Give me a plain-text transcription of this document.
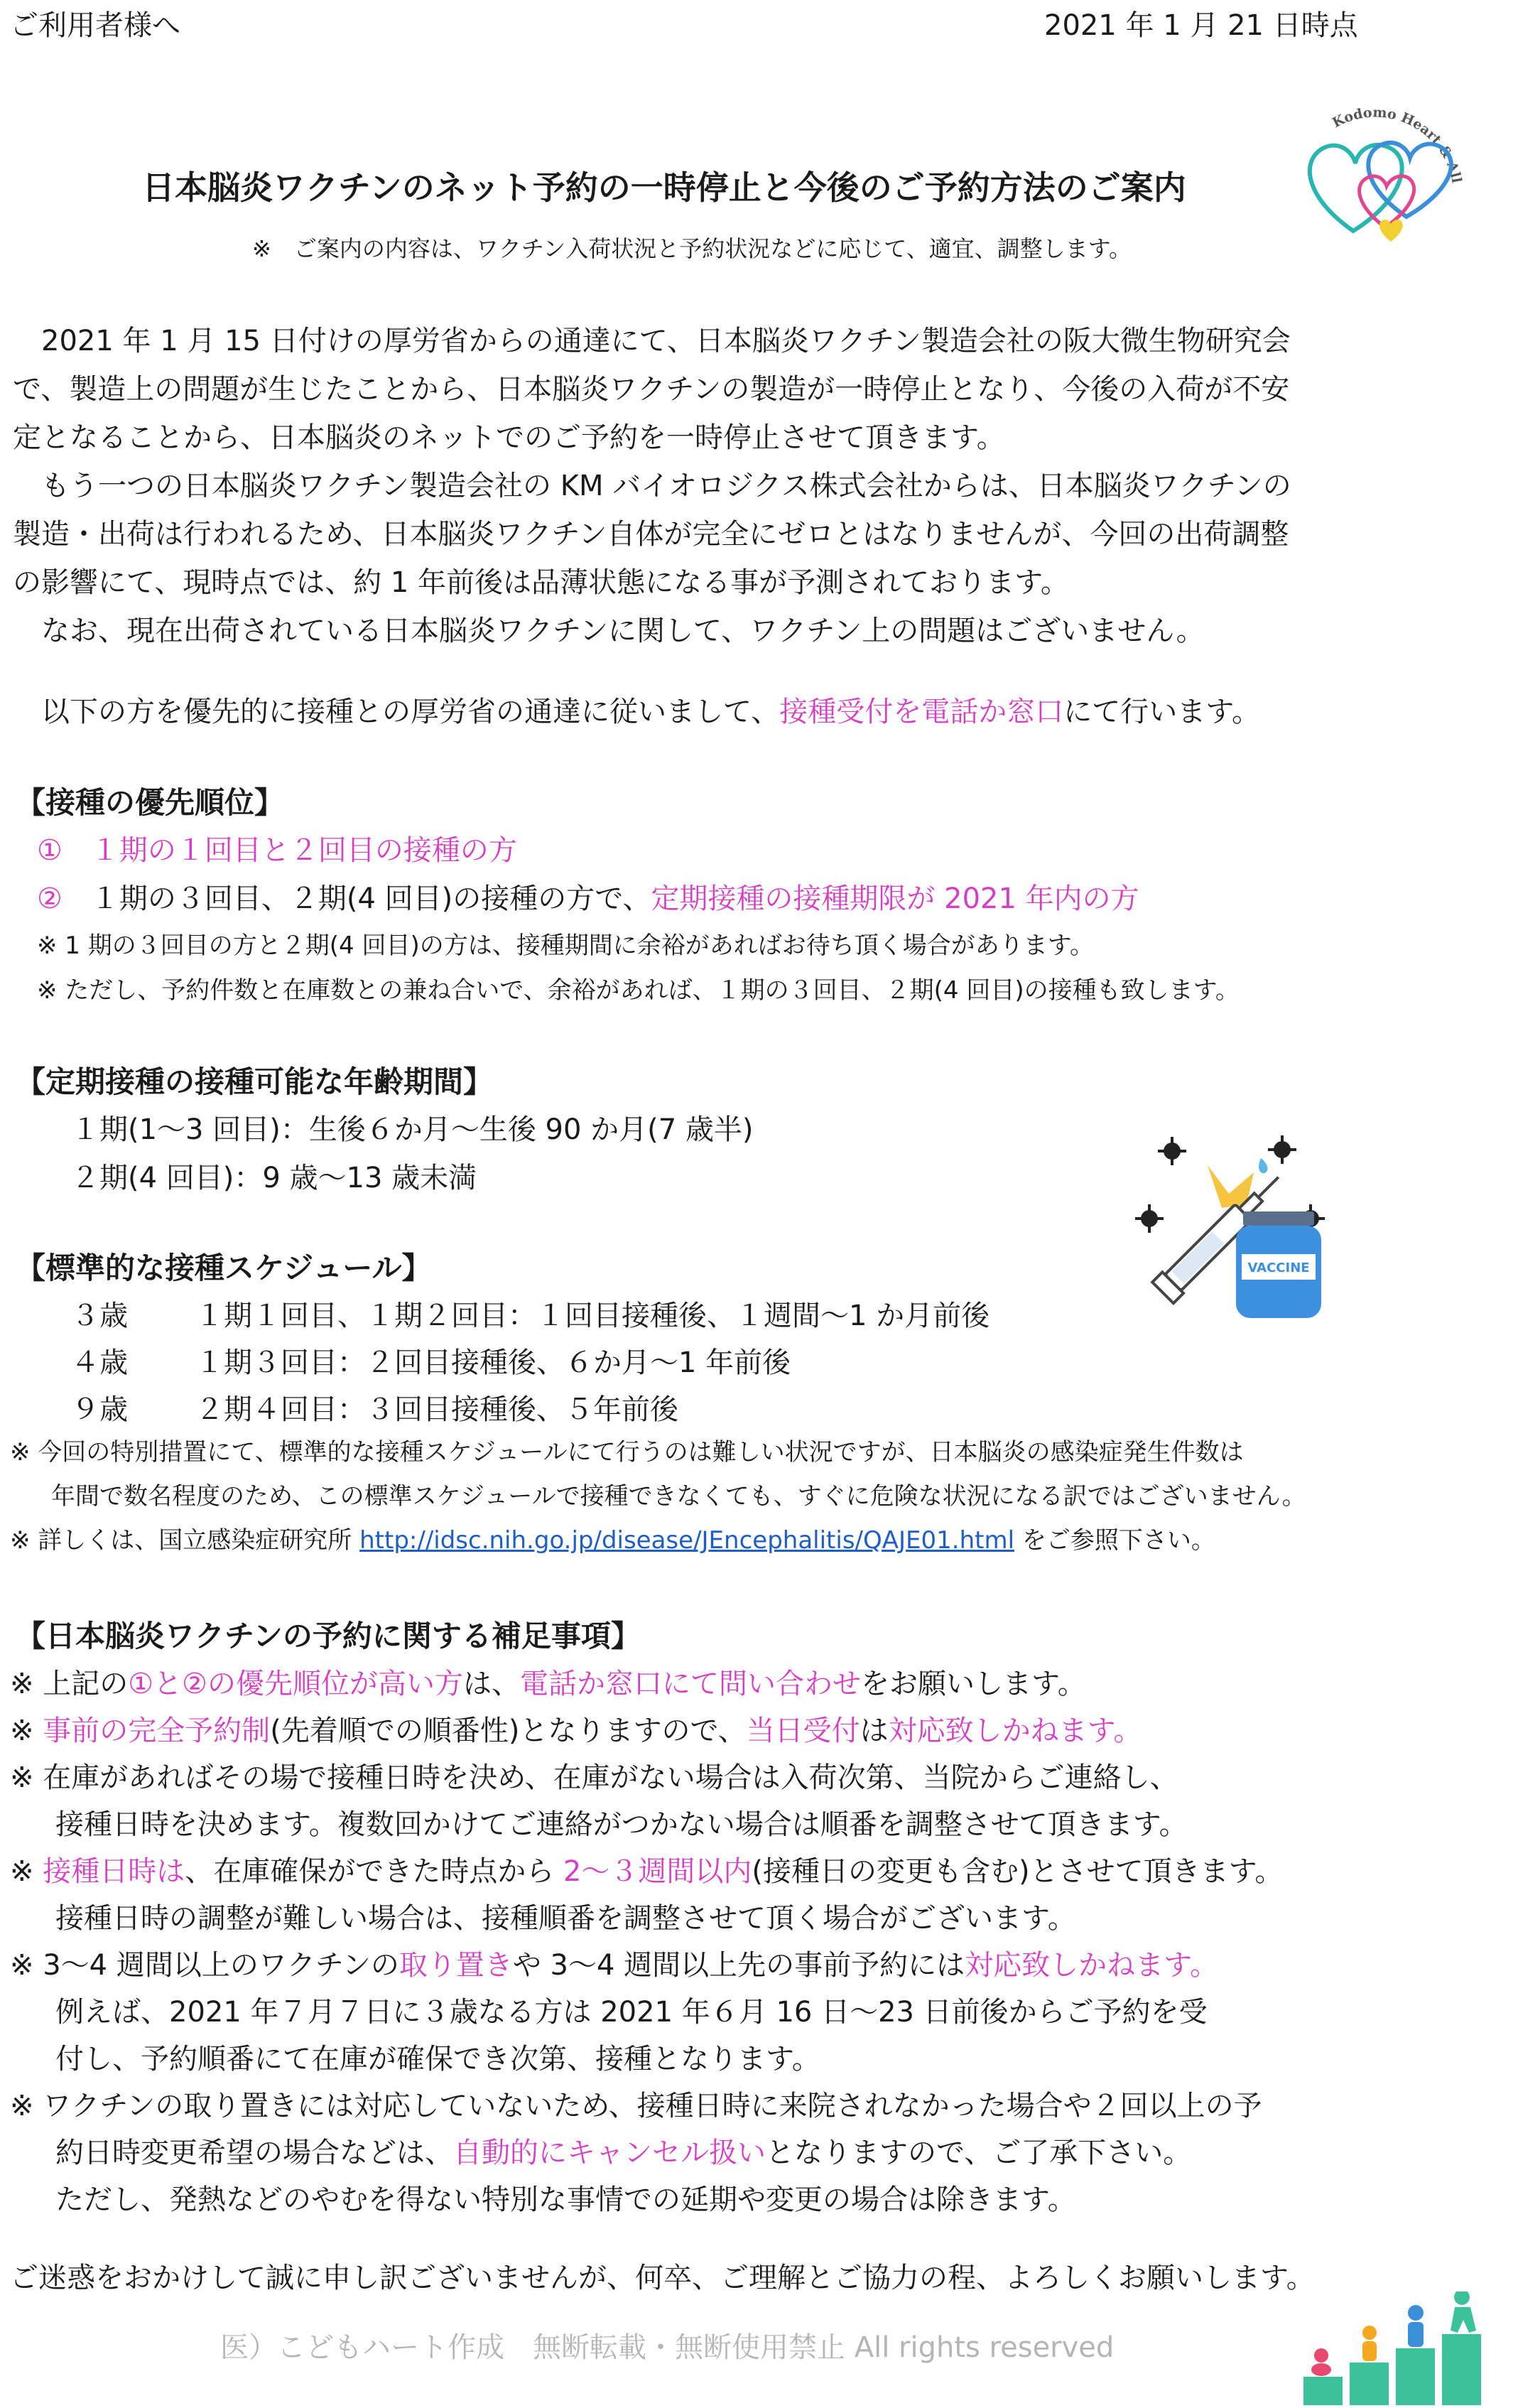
ご利用者様へ	2021 年 1 月 21 日時点
Kodomo Heart & All
日本脳炎ワクチンのネット予約の一時停止と今後のご予約方法のご案内
※　ご案内の内容は、ワクチン入荷状況と予約状況などに応じて、適宜、調整します。
　2021 年 1 月 15 日付けの厚労省からの通達にて、日本脳炎ワクチン製造会社の阪大微生物研究会
で、製造上の問題が生じたことから、日本脳炎ワクチンの製造が一時停止となり、今後の入荷が不安
定となることから、日本脳炎のネットでのご予約を一時停止させて頂きます。
　もう一つの日本脳炎ワクチン製造会社の KM バイオロジクス株式会社からは、日本脳炎ワクチンの
製造・出荷は行われるため、日本脳炎ワクチン自体が完全にゼロとはなりませんが、今回の出荷調整
の影響にて、現時点では、約 1 年前後は品薄状態になる事が予測されております。
　なお、現在出荷されている日本脳炎ワクチンに関して、ワクチン上の問題はございません。
　以下の方を優先的に接種との厚労省の通達に従いまして、接種受付を電話か窓口にて行います。
【接種の優先順位】
①　１期の１回目と２回目の接種の方
②　１期の３回目、２期(4 回目)の接種の方で、定期接種の接種期限が 2021 年内の方
※ 1 期の３回目の方と２期(4 回目)の方は、接種期間に余裕があればお待ち頂く場合があります。
※ ただし、予約件数と在庫数との兼ね合いで、余裕があれば、１期の３回目、２期(4 回目)の接種も致します。
【定期接種の接種可能な年齢期間】
１期(1～3 回目)：生後６か月～生後 90 か月(7 歳半)
２期(4 回目)：9 歳～13 歳未満
VACCINE
【標準的な接種スケジュール】
３歳 １期１回目、１期２回目：１回目接種後、１週間～1 か月前後
４歳 １期３回目：２回目接種後、６か月～1 年前後
９歳 ２期４回目：３回目接種後、５年前後
※ 今回の特別措置にて、標準的な接種スケジュールにて行うのは難しい状況ですが、日本脳炎の感染症発生件数は
年間で数名程度のため、この標準スケジュールで接種できなくても、すぐに危険な状況になる訳ではございません。
※ 詳しくは、国立感染症研究所 http://idsc.nih.go.jp/disease/JEncephalitis/QAJE01.html をご参照下さい。
【日本脳炎ワクチンの予約に関する補足事項】
※ 上記の①と②の優先順位が高い方は、電話か窓口にて問い合わせをお願いします。
※ 事前の完全予約制(先着順での順番性)となりますので、当日受付は対応致しかねます。
※ 在庫があればその場で接種日時を決め、在庫がない場合は入荷次第、当院からご連絡し、
接種日時を決めます。複数回かけてご連絡がつかない場合は順番を調整させて頂きます。
※ 接種日時は、在庫確保ができた時点から 2～３週間以内(接種日の変更も含む)とさせて頂きます。
接種日時の調整が難しい場合は、接種順番を調整させて頂く場合がございます。
※ 3～4 週間以上のワクチンの取り置きや 3～4 週間以上先の事前予約には対応致しかねます。
例えば、2021 年７月７日に３歳なる方は 2021 年６月 16 日～23 日前後からご予約を受
付し、予約順番にて在庫が確保でき次第、接種となります。
※ ワクチンの取り置きには対応していないため、接種日時に来院されなかった場合や２回以上の予
約日時変更希望の場合などは、自動的にキャンセル扱いとなりますので、ご了承下さい。
ただし、発熱などのやむを得ない特別な事情での延期や変更の場合は除きます。
ご迷惑をおかけして誠に申し訳ございませんが、何卒、ご理解とご協力の程、よろしくお願いします。
医）こどもハート作成　無断転載・無断使用禁止 All rights reserved
